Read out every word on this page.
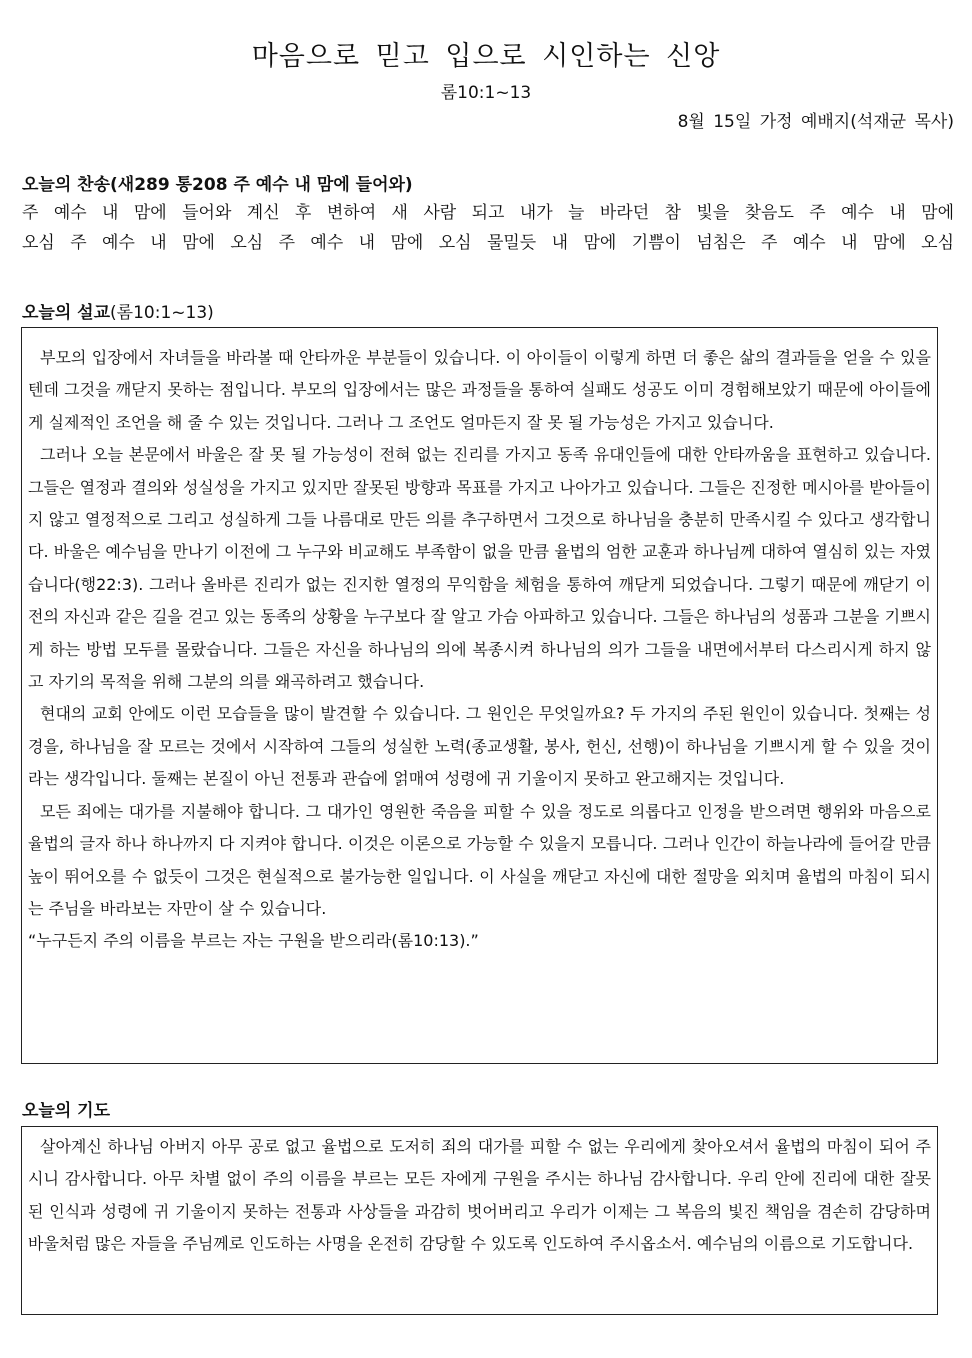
마음으로 믿고 입으로 시인하는 신앙
롬10:1~13
8월 15일 가정 예배지(석재균 목사)
오늘의 찬송(새289 통208 주 예수 내 맘에 들어와)
주 예수 내 맘에 들어와 계신 후 변하여 새 사람 되고 내가 늘 바라던 참 빛을 찾음도 주 예수 내 맘에
오심 주 예수 내 맘에 오심 주 예수 내 맘에 오심 물밀듯 내 맘에 기쁨이 넘침은 주 예수 내 맘에 오심
오늘의 설교(롬10:1~13)

부모의 입장에서 자녀들을 바라볼 때 안타까운 부분들이 있습니다. 이 아이들이 이렇게 하면 더 좋은 삶의 결과들을 얻을 수 있을 텐데 그것을 깨닫지 못하는 점입니다. 부모의 입장에서는 많은 과정들을 통하여 실패도 성공도 이미 경험해보았기 때문에 아이들에게 실제적인 조언을 해 줄 수 있는 것입니다. 그러나 그 조언도 얼마든지 잘 못 될 가능성은 가지고 있습니다.

그러나 오늘 본문에서 바울은 잘 못 될 가능성이 전혀 없는 진리를 가지고 동족 유대인들에 대한 안타까움을 표현하고 있습니다. 그들은 열정과 결의와 성실성을 가지고 있지만 잘못된 방향과 목표를 가지고 나아가고 있습니다. 그들은 진정한 메시아를 받아들이지 않고 열정적으로 그리고 성실하게 그들 나름대로 만든 의를 추구하면서 그것으로 하나님을 충분히 만족시킬 수 있다고 생각합니다. 바울은 예수님을 만나기 이전에 그 누구와 비교해도 부족함이 없을 만큼 율법의 엄한 교훈과 하나님께 대하여 열심히 있는 자였습니다(행22:3). 그러나 올바른 진리가 없는 진지한 열정의 무익함을 체험을 통하여 깨닫게 되었습니다. 그렇기 때문에 깨닫기 이전의 자신과 같은 길을 걷고 있는 동족의 상황을 누구보다 잘 알고 가슴 아파하고 있습니다. 그들은 하나님의 성품과 그분을 기쁘시게 하는 방법 모두를 몰랐습니다. 그들은 자신을 하나님의 의에 복종시켜 하나님의 의가 그들을 내면에서부터 다스리시게 하지 않고 자기의 목적을 위해 그분의 의를 왜곡하려고 했습니다.

현대의 교회 안에도 이런 모습들을 많이 발견할 수 있습니다. 그 원인은 무엇일까요? 두 가지의 주된 원인이 있습니다. 첫째는 성경을, 하나님을 잘 모르는 것에서 시작하여 그들의 성실한 노력(종교생활, 봉사, 헌신, 선행)이 하나님을 기쁘시게 할 수 있을 것이라는 생각입니다. 둘째는 본질이 아닌 전통과 관습에 얽매여 성령에 귀 기울이지 못하고 완고해지는 것입니다.

모든 죄에는 대가를 지불해야 합니다. 그 대가인 영원한 죽음을 피할 수 있을 정도로 의롭다고 인정을 받으려면 행위와 마음으로 율법의 글자 하나 하나까지 다 지켜야 합니다. 이것은 이론으로 가능할 수 있을지 모릅니다. 그러나 인간이 하늘나라에 들어갈 만큼 높이 뛰어오를 수 없듯이 그것은 현실적으로 불가능한 일입니다. 이 사실을 깨닫고 자신에 대한 절망을 외치며 율법의 마침이 되시는 주님을 바라보는 자만이 살 수 있습니다.

“누구든지 주의 이름을 부르는 자는 구원을 받으리라(롬10:13).”

오늘의 기도

살아계신 하나님 아버지 아무 공로 없고 율법으로 도저히 죄의 대가를 피할 수 없는 우리에게 찾아오셔서 율법의 마침이 되어 주시니 감사합니다. 아무 차별 없이 주의 이름을 부르는 모든 자에게 구원을 주시는 하나님 감사합니다. 우리 안에 진리에 대한 잘못된 인식과 성령에 귀 기울이지 못하는 전통과 사상들을 과감히 벗어버리고 우리가 이제는 그 복음의 빛진 책임을 겸손히 감당하며 바울처럼 많은 자들을 주님께로 인도하는 사명을 온전히 감당할 수 있도록 인도하여 주시옵소서. 예수님의 이름으로 기도합니다.
